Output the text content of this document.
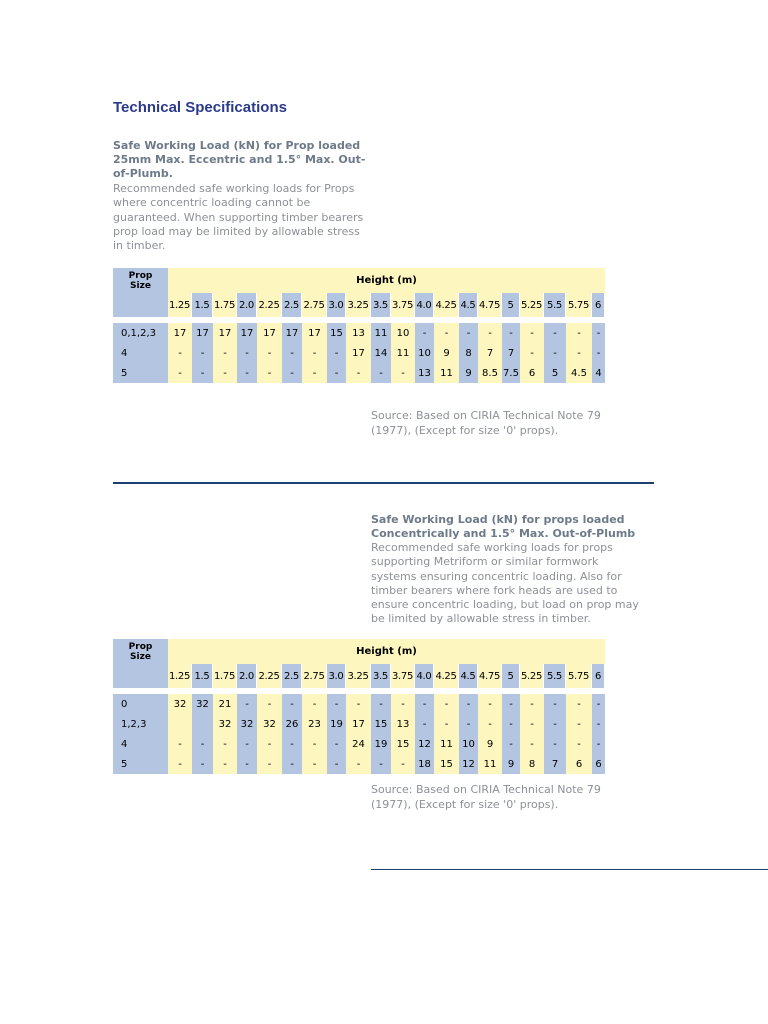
Technical Specifications
Safe Working Load (kN) for Prop loaded
25mm Max. Eccentric and 1.5° Max. Out-
of-Plumb.
Recommended safe working loads for Props
where concentric loading cannot be
guaranteed. When supporting timber bearers
prop load may be limited by allowable stress
in timber.
Prop
Size	Height (m)																			
	1.25	1.5	1.75	2.0	2.25	2.5	2.75	3.0	3.25	3.5	3.75	4.0	4.25	4.5	4.75	5	5.25	5.5	5.75	6

0,1,2,3	17	17	17	17	17	17	17	15	13	11	10	-	-	-	-	-	-	-	-	-
4	-	-	-	-	-	-	-	-	17	14	11	10	9	8	7	7	-	-	-	-
5	-	-	-	-	-	-	-	-	-	-	-	13	11	9	8.5	7.5	6	5	4.5	4
Source: Based on CIRIA Technical Note 79
(1977), (Except for size '0' props).
Safe Working Load (kN) for props loaded
Concentrically and 1.5° Max. Out-of-Plumb
Recommended safe working loads for props
supporting Metriform or similar formwork
systems ensuring concentric loading. Also for
timber bearers where fork heads are used to
ensure concentric loading, but load on prop may
be limited by allowable stress in timber.
Prop
Size	Height (m)																			
	1.25	1.5	1.75	2.0	2.25	2.5	2.75	3.0	3.25	3.5	3.75	4.0	4.25	4.5	4.75	5	5.25	5.5	5.75	6

0	32	32	21	-	-	-	-	-	-	-	-	-	-	-	-	-	-	-	-	-
1,2,3			32	32	32	26	23	19	17	15	13	-	-	-	-	-	-	-	-	-
4	-	-	-	-	-	-	-	-	24	19	15	12	11	10	9	-	-	-	-	-
5	-	-	-	-	-	-	-	-	-	-	-	18	15	12	11	9	8	7	6	6
Source: Based on CIRIA Technical Note 79
(1977), (Except for size '0' props).
